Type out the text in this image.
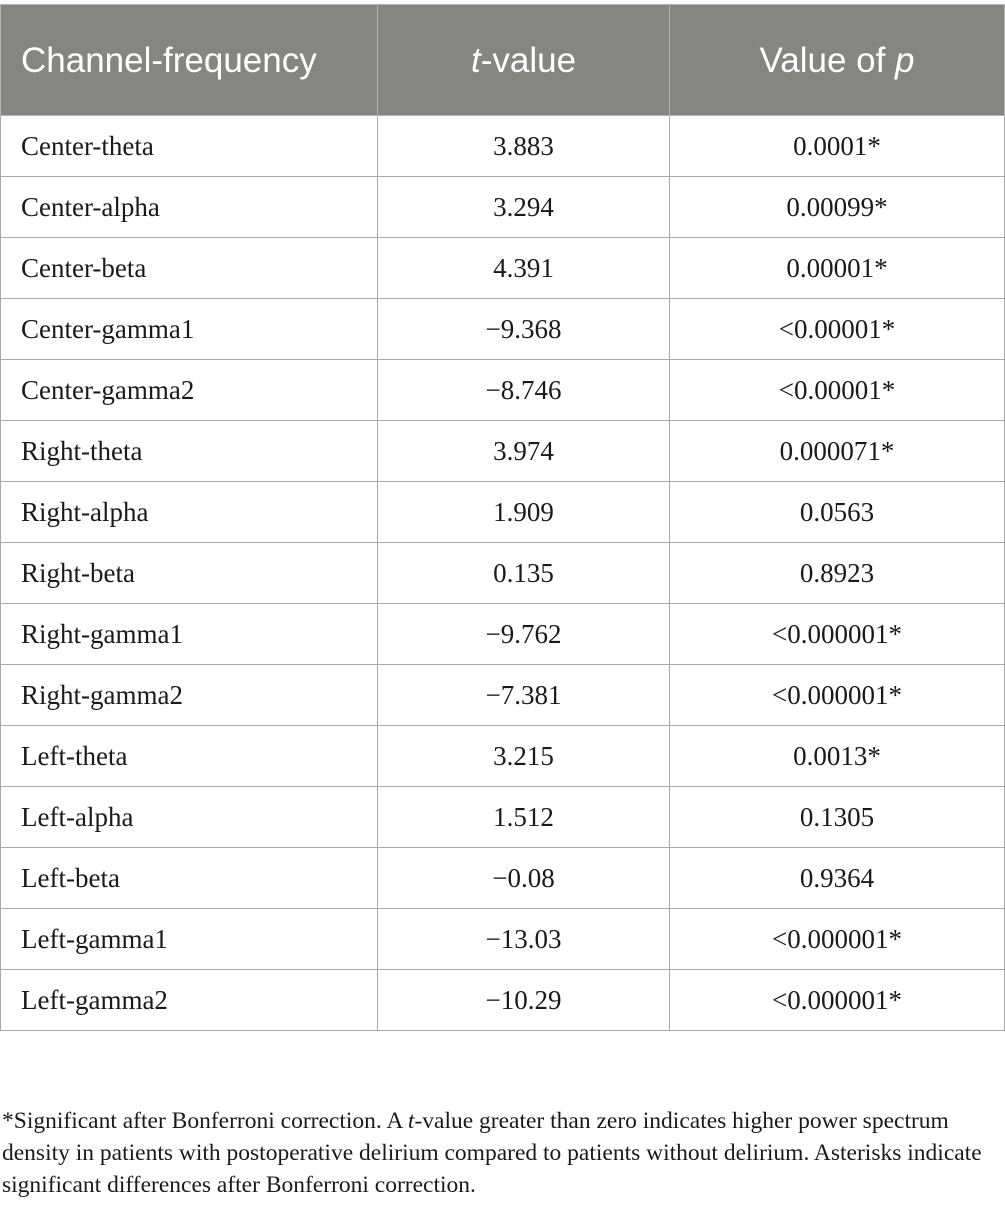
Channel-frequency	t-value	Value of p
Center-theta	3.883	0.0001*
Center-alpha	3.294	0.00099*
Center-beta	4.391	0.00001*
Center-gamma1	−9.368	<0.00001*
Center-gamma2	−8.746	<0.00001*
Right-theta	3.974	0.000071*
Right-alpha	1.909	0.0563
Right-beta	0.135	0.8923
Right-gamma1	−9.762	<0.000001*
Right-gamma2	−7.381	<0.000001*
Left-theta	3.215	0.0013*
Left-alpha	1.512	0.1305
Left-beta	−0.08	0.9364
Left-gamma1	−13.03	<0.000001*
Left-gamma2	−10.29	<0.000001*

*Significant after Bonferroni correction. A t-value greater than zero indicates higher power spectrum density in patients with postoperative delirium compared to patients without delirium. Asterisks indicate significant differences after Bonferroni correction.
